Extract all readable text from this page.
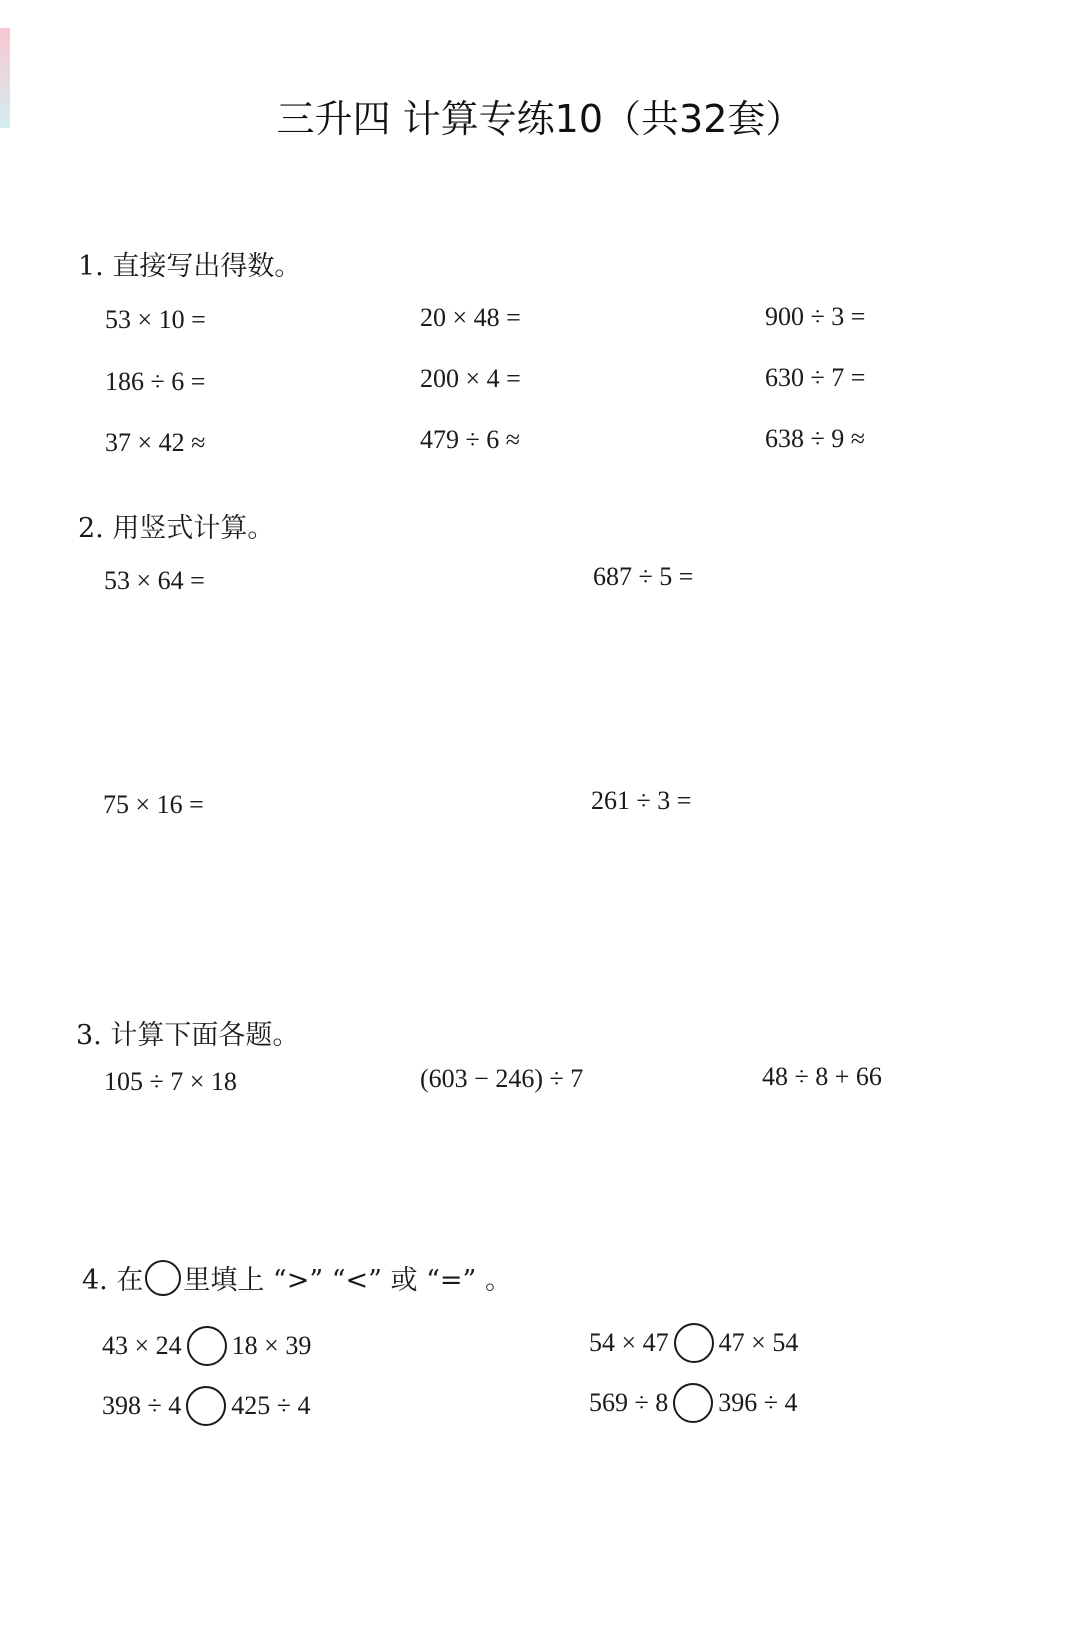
三升四 计算专练10（共32套）
1. 直接写出得数。
53 × 10 =	20 × 48 =	900 ÷ 3 =
186 ÷ 6 =	200 × 4 =	630 ÷ 7 =
37 × 42 ≈	479 ÷ 6 ≈	638 ÷ 9 ≈
2. 用竖式计算。
53 × 64 =	687 ÷ 5 =
75 × 16 =	261 ÷ 3 =
3. 计算下面各题。
105 ÷ 7 × 18	(603 − 246) ÷ 7	48 ÷ 8 + 66
4. 在 里填上 “>” “<” 或 “=” 。
43 × 24 18 × 39	54 × 47 47 × 54
398 ÷ 4 425 ÷ 4	569 ÷ 8 396 ÷ 4
